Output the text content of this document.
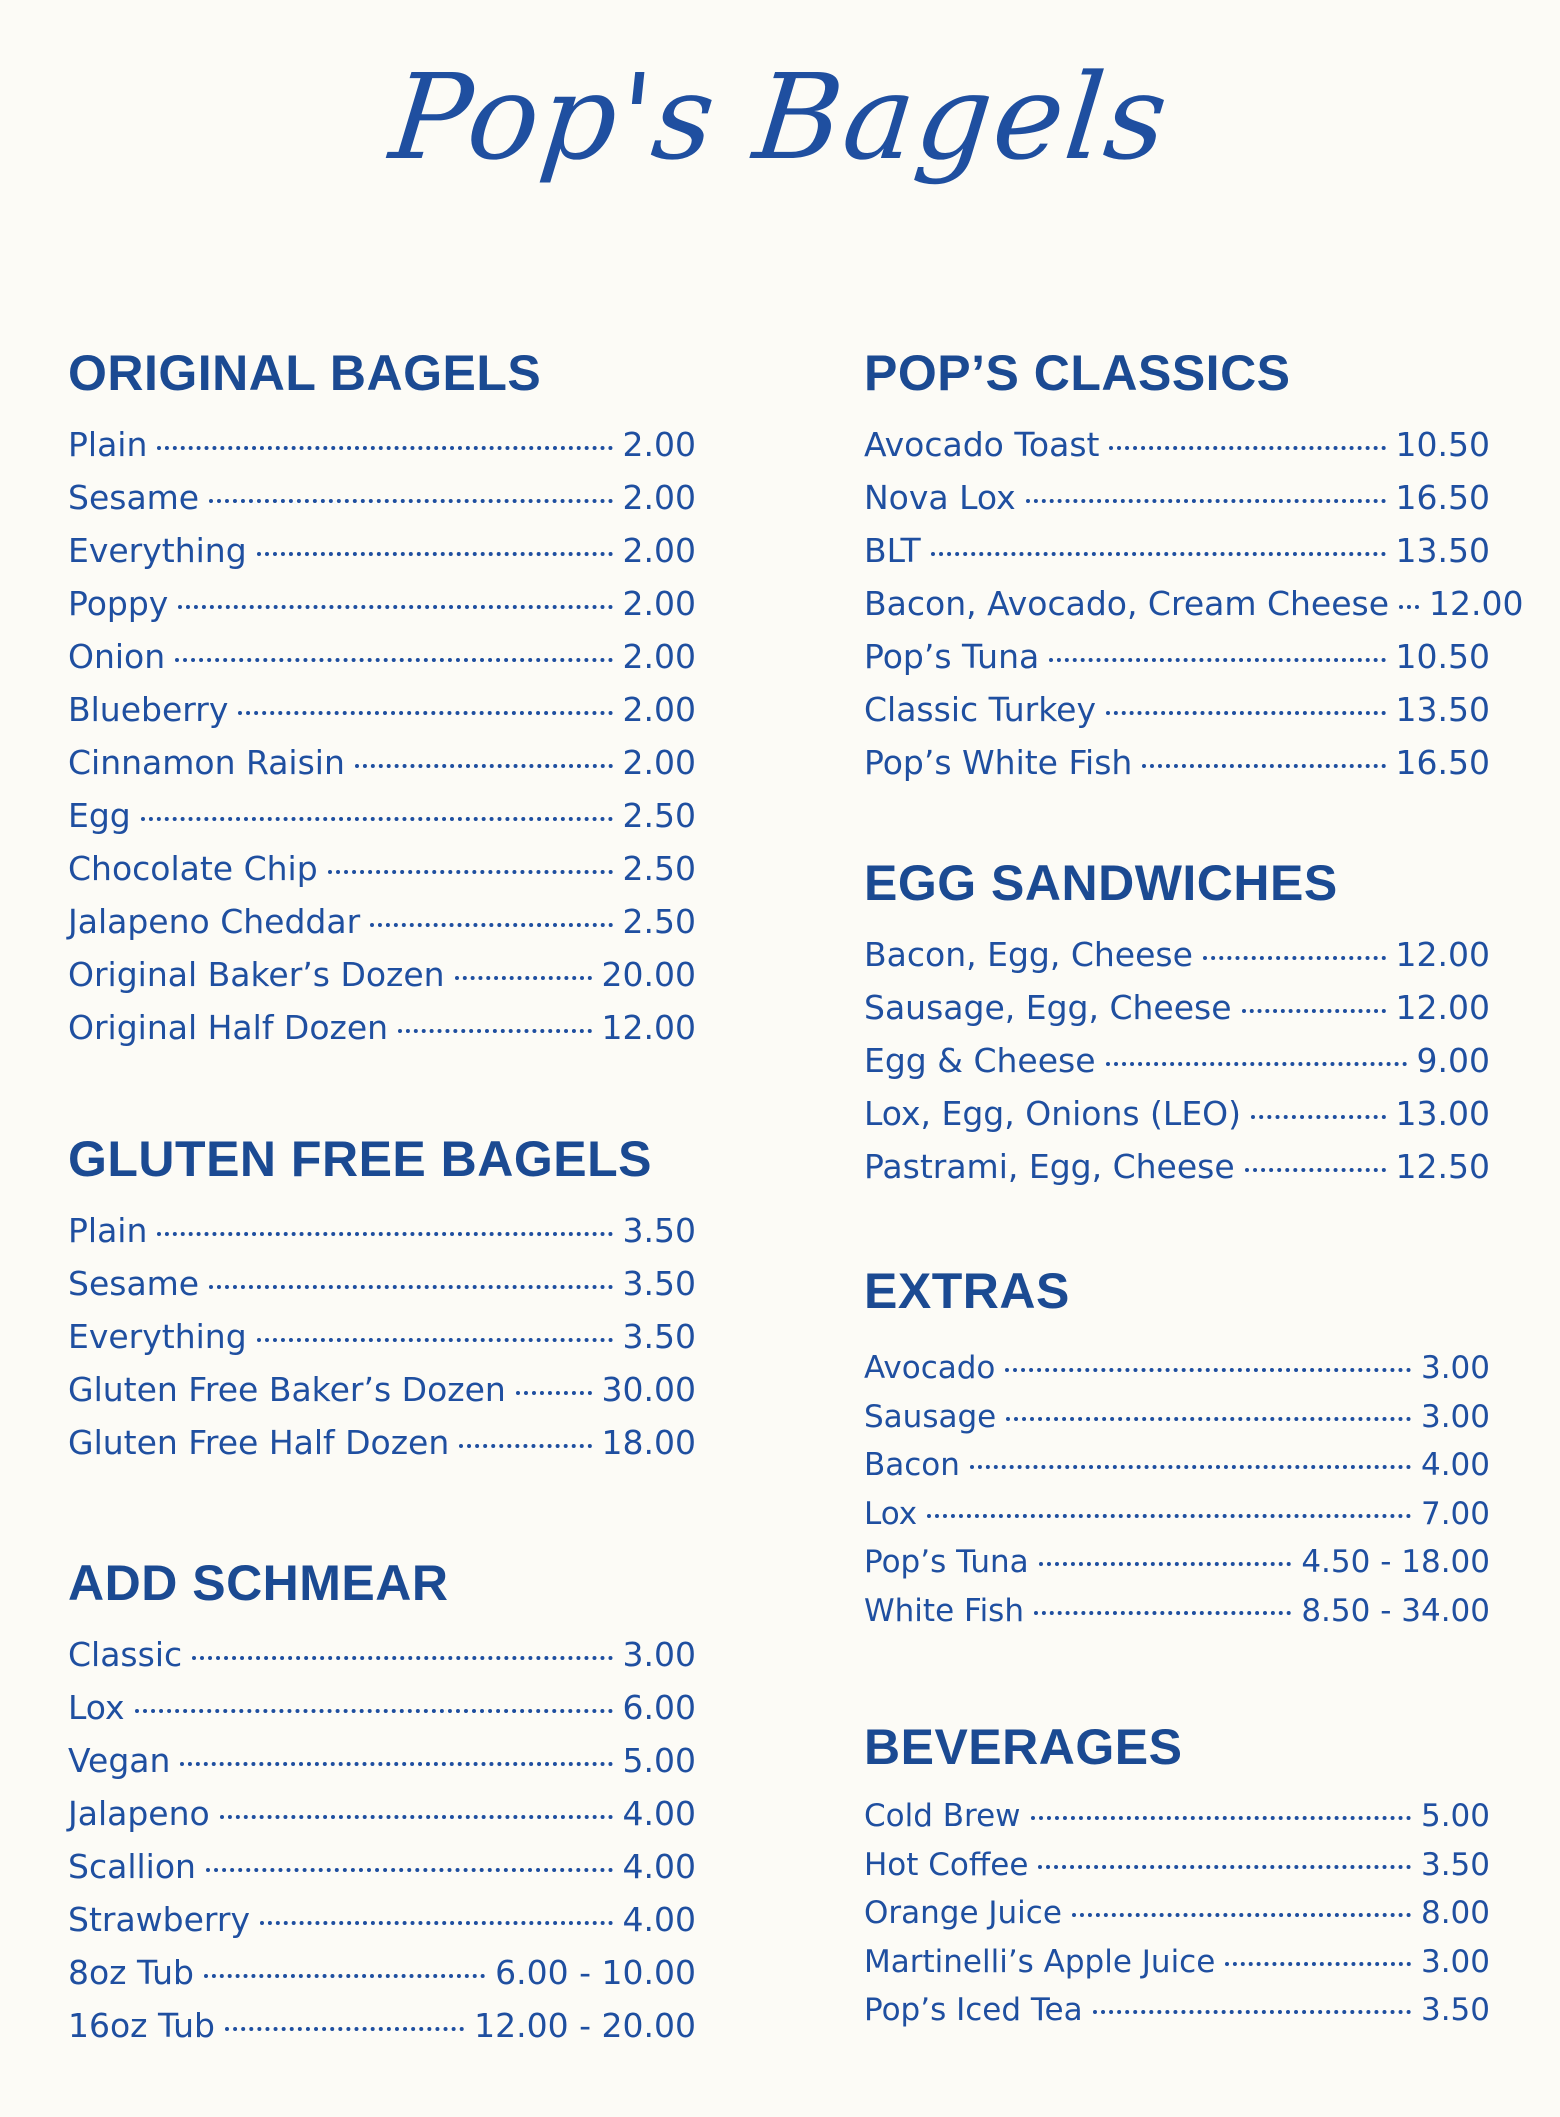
Pop's Bagels
ORIGINAL BAGELS
Plain	2.00
Sesame	2.00
Everything	2.00
Poppy	2.00
Onion	2.00
Blueberry	2.00
Cinnamon Raisin	2.00
Egg	2.50
Chocolate Chip	2.50
Jalapeno Cheddar	2.50
Original Baker’s Dozen	20.00
Original Half Dozen	12.00
GLUTEN FREE BAGELS
Plain	3.50
Sesame	3.50
Everything	3.50
Gluten Free Baker’s Dozen	30.00
Gluten Free Half Dozen	18.00
ADD SCHMEAR
Classic	3.00
Lox	6.00
Vegan	5.00
Jalapeno	4.00
Scallion	4.00
Strawberry	4.00
8oz Tub	6.00 - 10.00
16oz Tub	12.00 - 20.00
POP’S CLASSICS
Avocado Toast	10.50
Nova Lox	16.50
BLT	13.50
Bacon, Avocado, Cream Cheese 12.00
Pop’s Tuna	10.50
Classic Turkey	13.50
Pop’s White Fish	16.50
EGG SANDWICHES
Bacon, Egg, Cheese	12.00
Sausage, Egg, Cheese	12.00
Egg & Cheese	9.00
Lox, Egg, Onions (LEO)	13.00
Pastrami, Egg, Cheese	12.50
EXTRAS
Avocado	3.00
Sausage	3.00
Bacon	4.00
Lox	7.00
Pop’s Tuna	4.50 - 18.00
White Fish	8.50 - 34.00
BEVERAGES
Cold Brew	5.00
Hot Coffee	3.50
Orange Juice	8.00
Martinelli’s Apple Juice	3.00
Pop’s Iced Tea	3.50
